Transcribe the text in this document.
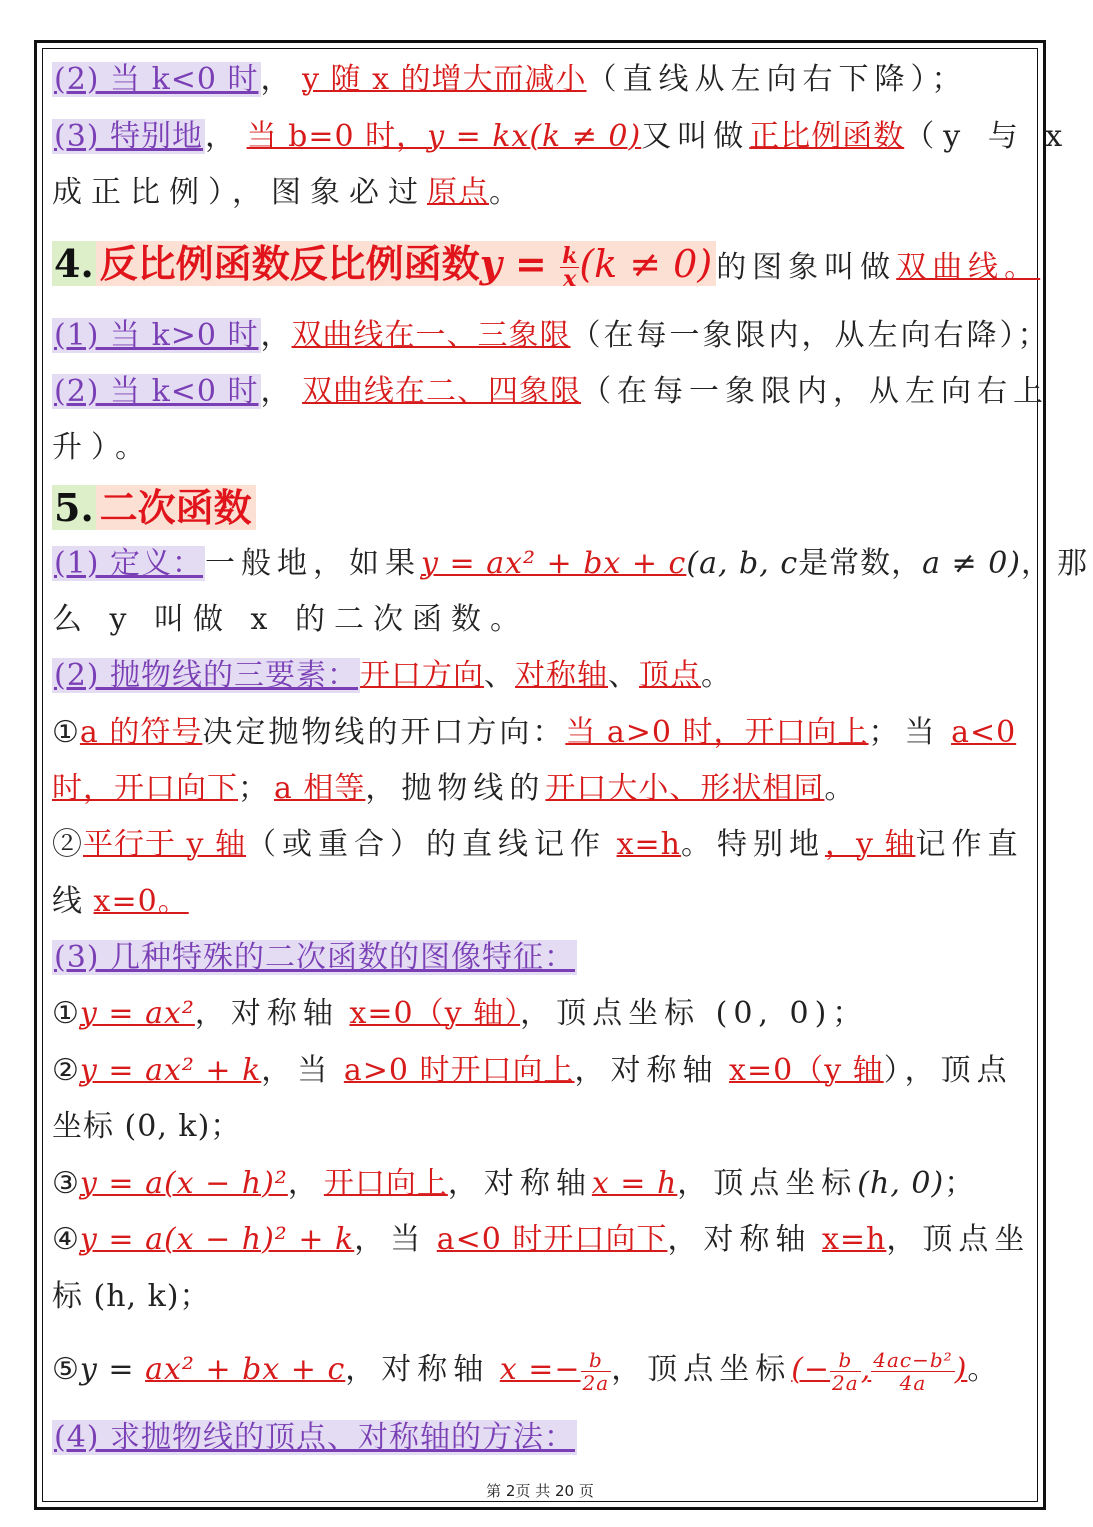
(2) 当 k<0 时， y 随 x 的增大而减小（直线从左向右下降）；
(3) 特别地， 当 b=0 时，y = kx(k ≠ 0)又叫做正比例函数（y 与 x
成正比例），图象必过原点。
4. 反比例函数反比例函数$y = \frac{k}{x} (k \ne 0)$ 的图象叫做双曲线。
(1) 当 k>0 时，双曲线在一、三象限（在每一象限内，从左向右降）；
(2) 当 k<0 时， 双曲线在二、四象限（在每一象限内，从左向右上
升）。
5. 二次函数
(1) 定义：一般地，如果y = ax² + bx + c(a, b, c是常数，a ≠ 0)，那
么 y 叫做 x 的二次函数。
(2) 抛物线的三要素：开口方向、对称轴、顶点。
①a 的符号决定抛物线的开口方向：当 a>0 时，开口向上；当 a<0
时，开口向下；a 相等，抛物线的开口大小、形状相同。
②平行于 y 轴（或重合）的直线记作 x=h。特别地，y 轴记作直
线 x=0。
(3) 几种特殊的二次函数的图像特征：
①y = ax²，对称轴 x=0（y 轴），顶点坐标 (0, 0)；
②y = ax² + k，当 a>0 时开口向上，对称轴 x=0（y 轴），顶点
坐标 (0, k)；
③y = a(x − h)²，开口向上，对称轴x = h，顶点坐标(h, 0)；
④y = a(x − h)² + k，当 a<0 时开口向下，对称轴 x=h，顶点坐
标 (h, k)；
⑤y = ax² + bx + c，对称轴 $x =- \frac{b}{2a}$ ，顶点坐标(− $\frac{b}{2a}$ , $\frac{\text{4ac−b²}}{4a}$ )。
(4) 求抛物线的顶点、对称轴的方法：
第 2页 共 20 页
